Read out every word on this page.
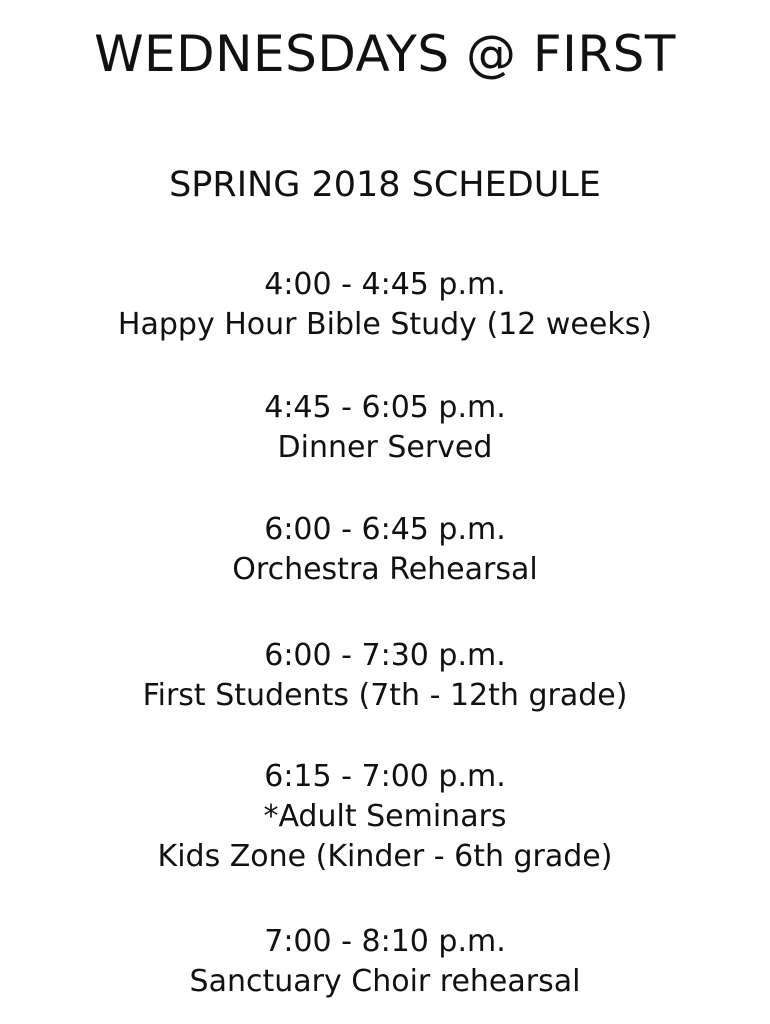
WEDNESDAYS @ FIRST
SPRING 2018 SCHEDULE
4:00 - 4:45 p.m.
Happy Hour Bible Study (12 weeks)
4:45 - 6:05 p.m.
Dinner Served
6:00 - 6:45 p.m.
Orchestra Rehearsal
6:00 - 7:30 p.m.
First Students (7th - 12th grade)
6:15 - 7:00 p.m.
*Adult Seminars
Kids Zone (Kinder - 6th grade)
7:00 - 8:10 p.m.
Sanctuary Choir rehearsal
